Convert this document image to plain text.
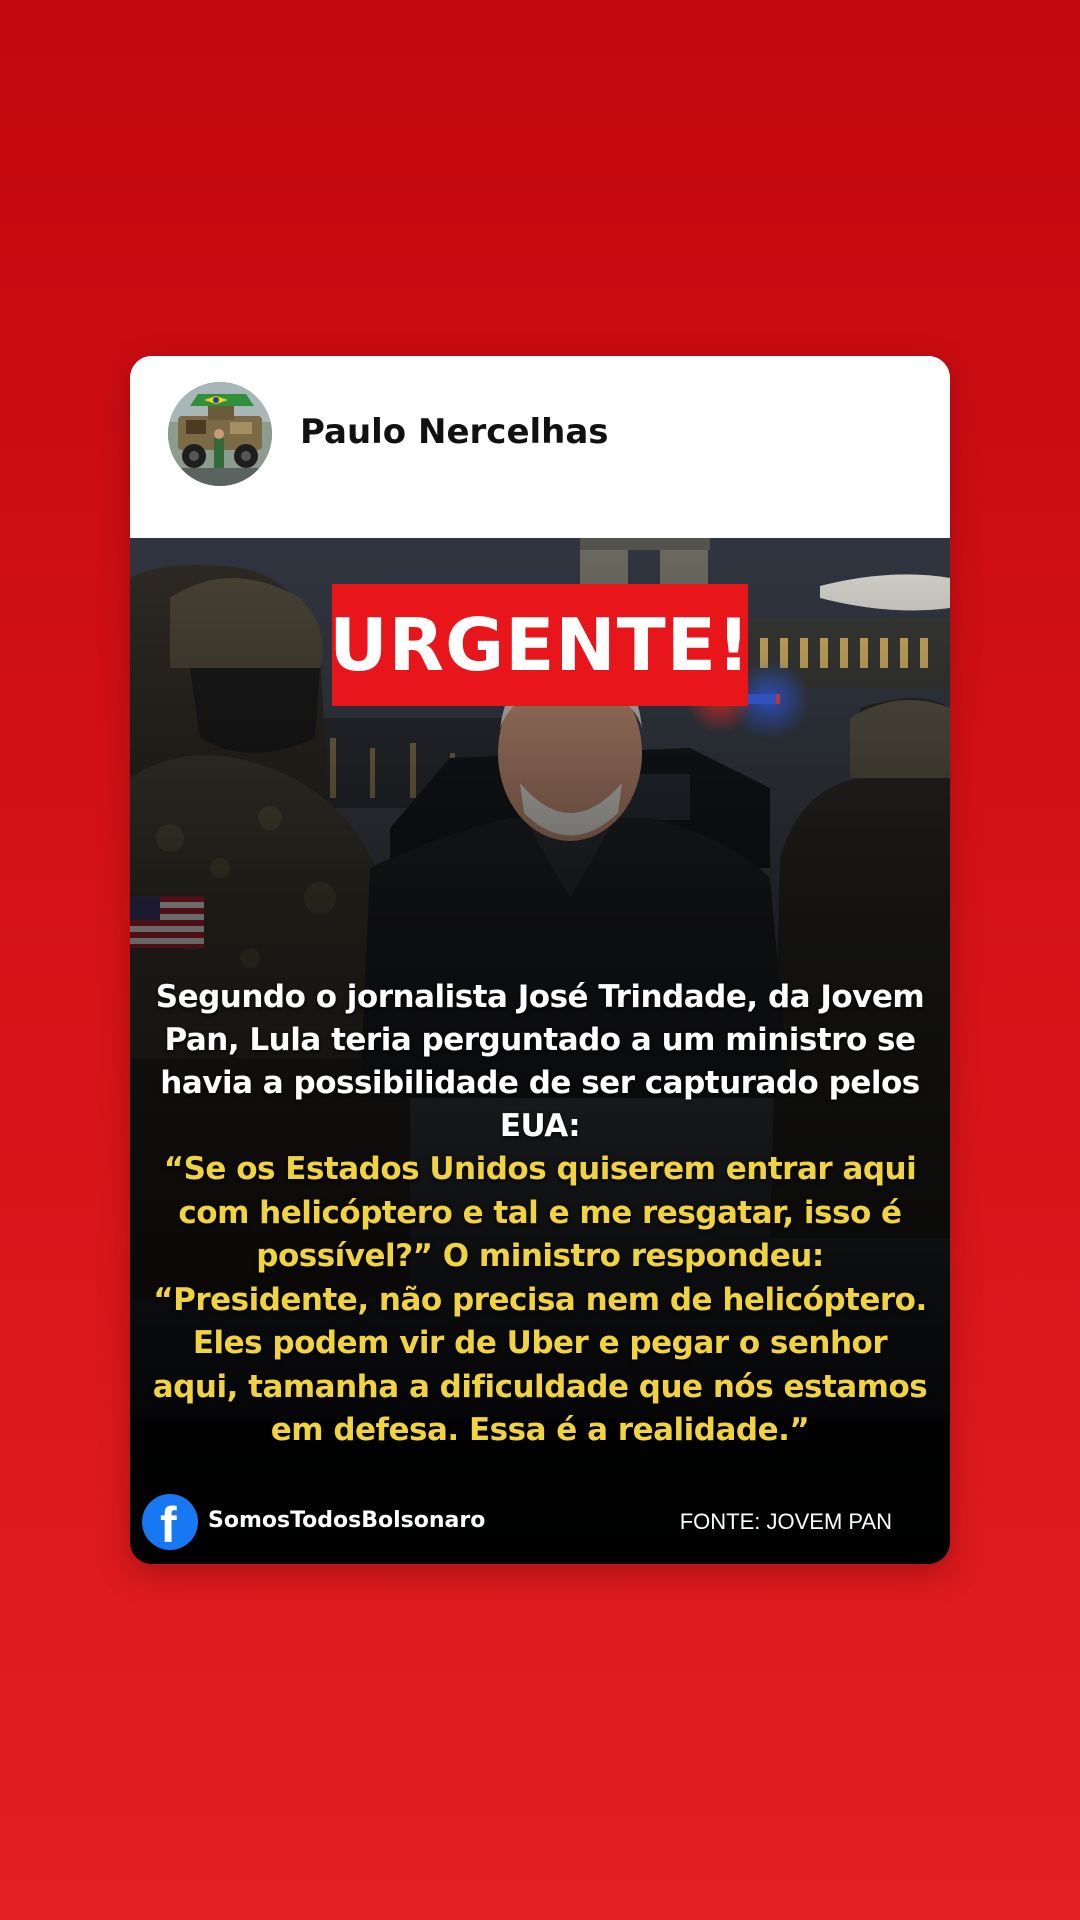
Paulo Nercelhas
URGENTE!
Segundo o jornalista José Trindade, da Jovem Pan, Lula teria perguntado a um ministro se havia a possibilidade de ser capturado pelos EUA:
“Se os Estados Unidos quiserem entrar aqui com helicóptero e tal e me resgatar, isso é possível?” O ministro respondeu: “Presidente, não precisa nem de helicóptero. Eles podem vir de Uber e pegar o senhor aqui, tamanha a dificuldade que nós estamos em defesa. Essa é a realidade.”
f SomosTodosBolsonaro	FONTE: JOVEM PAN
